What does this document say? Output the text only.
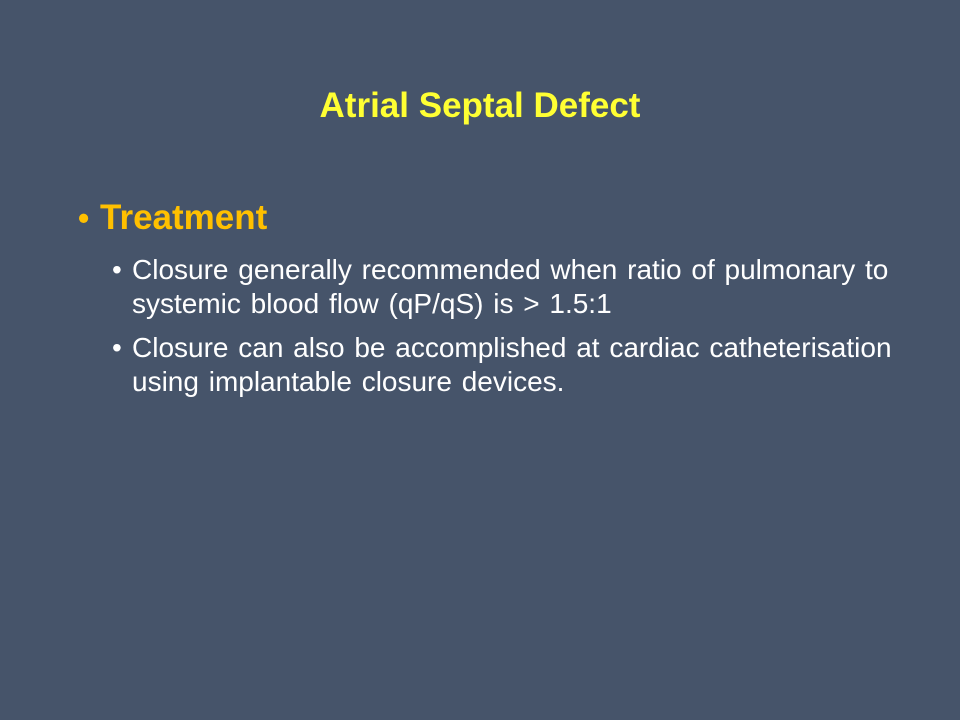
Atrial Septal Defect
• Treatment
• Closure generally recommended when ratio of pulmonary to systemic blood flow (qP/qS) is > 1.5:1
• Closure can also be accomplished at cardiac catheterisation using implantable closure devices.
